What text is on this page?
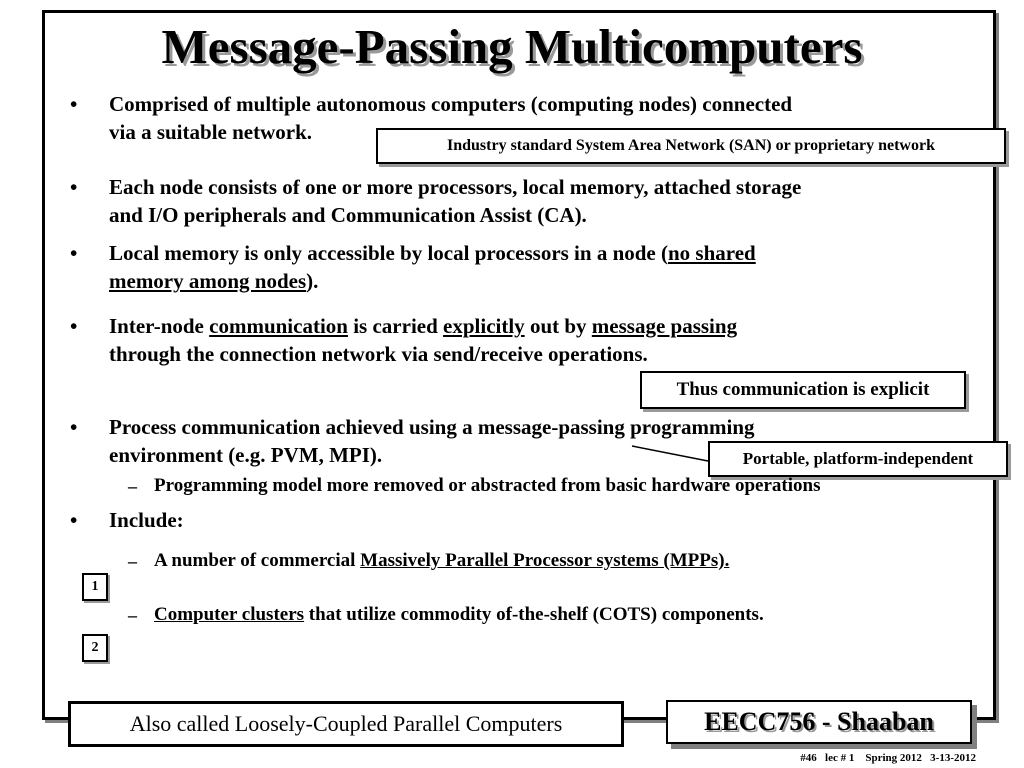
Message-Passing Multicomputers
• Comprised of multiple autonomous computers (computing nodes) connected
via a suitable network.
Industry standard System Area Network (SAN) or proprietary network
• Each node consists of one or more processors, local memory, attached storage
and I/O peripherals and Communication Assist (CA).
• Local memory is only accessible by local processors in a node (no shared
memory among nodes).
• Inter-node communication is carried explicitly out by message passing
through the connection network via send/receive operations.
Thus communication is explicit
• Process communication achieved using a message-passing programming
environment (e.g. PVM, MPI).	Portable, platform-independent
– Programming model more removed or abstracted from basic hardware operations
• Include:
– A number of commercial Massively Parallel Processor systems (MPPs).
1
– Computer clusters that utilize commodity of-the-shelf (COTS) components.
2
Also called Loosely-Coupled Parallel Computers	EECC756 - Shaaban
#46   lec # 1    Spring 2012   3-13-2012
